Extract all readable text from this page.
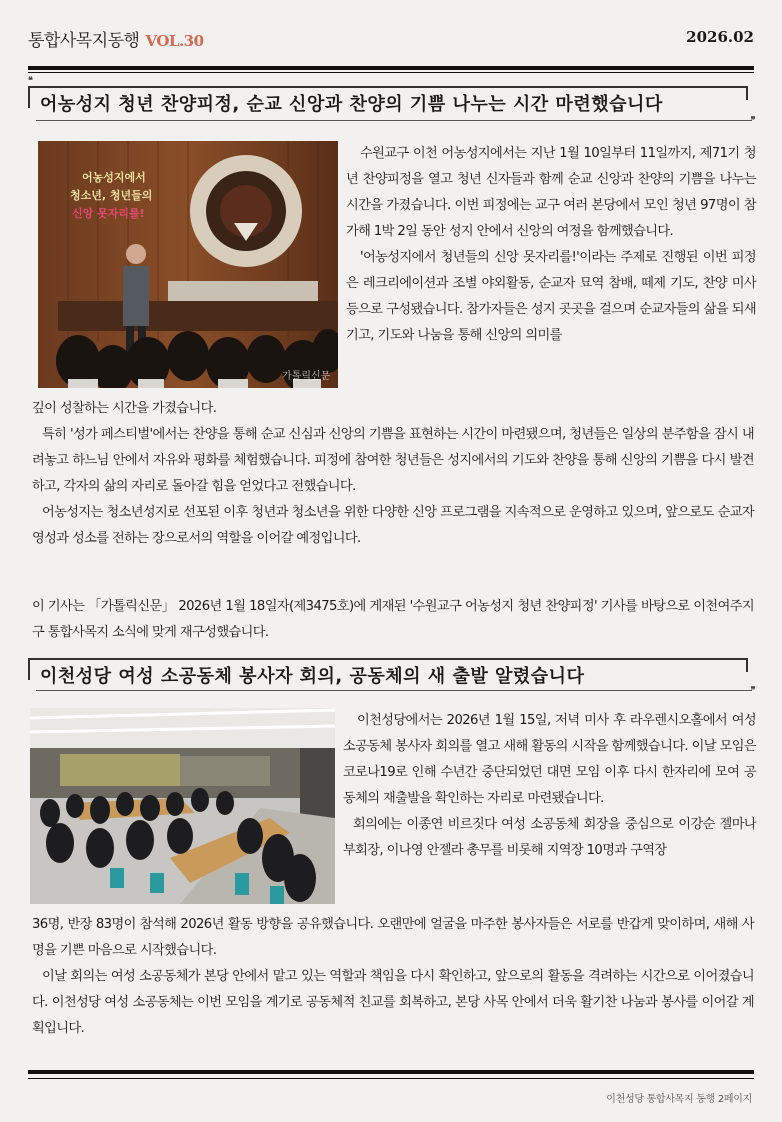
통합사목지동행 VOL.30	2026.02
❝
어농성지 청년 찬양피정, 순교 신앙과 찬양의 기쁨 나누는 시간 마련했습니다
❞
어농성지에서 청소년, 청년들의 신앙 못자리를!
가톨릭신문

수원교구 이천 어농성지에서는 지난 1월 10일부터 11일까지, 제71기 청년 찬양피정을 열고 청년 신자들과 함께 순교 신앙과 찬양의 기쁨을 나누는 시간을 가졌습니다. 이번 피정에는 교구 여러 본당에서 모인 청년 97명이 참가해 1박 2일 동안 성지 안에서 신앙의 여정을 함께했습니다.

'어농성지에서 청년들의 신앙 못자리를!'이라는 주제로 진행된 이번 피정은 레크리에이션과 조별 야외활동, 순교자 묘역 참배, 떼제 기도, 찬양 미사 등으로 구성됐습니다. 참가자들은 성지 곳곳을 걸으며 순교자들의 삶을 되새기고, 기도와 나눔을 통해 신앙의 의미를

깊이 성찰하는 시간을 가졌습니다.

특히 '성가 페스티벌'에서는 찬양을 통해 순교 신심과 신앙의 기쁨을 표현하는 시간이 마련됐으며, 청년들은 일상의 분주함을 잠시 내려놓고 하느님 안에서 자유와 평화를 체험했습니다. 피정에 참여한 청년들은 성지에서의 기도와 찬양을 통해 신앙의 기쁨을 다시 발견하고, 각자의 삶의 자리로 돌아갈 힘을 얻었다고 전했습니다.

어농성지는 청소년성지로 선포된 이후 청년과 청소년을 위한 다양한 신앙 프로그램을 지속적으로 운영하고 있으며, 앞으로도 순교자 영성과 성소를 전하는 장으로서의 역할을 이어갈 예정입니다.

이 기사는 「가톨릭신문」 2026년 1월 18일자(제3475호)에 게재된 '수원교구 어농성지 청년 찬양피정' 기사를 바탕으로 이천여주지구 통합사목지 소식에 맞게 재구성했습니다.
이천성당 여성 소공동체 봉사자 회의, 공동체의 새 출발 알렸습니다
❞

이천성당에서는 2026년 1월 15일, 저녁 미사 후 라우렌시오홀에서 여성 소공동체 봉사자 회의를 열고 새해 활동의 시작을 함께했습니다. 이날 모임은 코로나19로 인해 수년간 중단되었던 대면 모임 이후 다시 한자리에 모여 공동체의 재출발을 확인하는 자리로 마련됐습니다.

회의에는 이종연 비르짓다 여성 소공동체 회장을 중심으로 이강순 젤마나 부회장, 이나영 안젤라 총무를 비롯해 지역장 10명과 구역장

36명, 반장 83명이 참석해 2026년 활동 방향을 공유했습니다. 오랜만에 얼굴을 마주한 봉사자들은 서로를 반갑게 맞이하며, 새해 사명을 기쁜 마음으로 시작했습니다.

이날 회의는 여성 소공동체가 본당 안에서 맡고 있는 역할과 책임을 다시 확인하고, 앞으로의 활동을 격려하는 시간으로 이어졌습니다. 이천성당 여성 소공동체는 이번 모임을 계기로 공동체적 친교를 회복하고, 본당 사목 안에서 더욱 활기찬 나눔과 봉사를 이어갈 계획입니다.

이천성당 통합사목지 동행 2페이지
